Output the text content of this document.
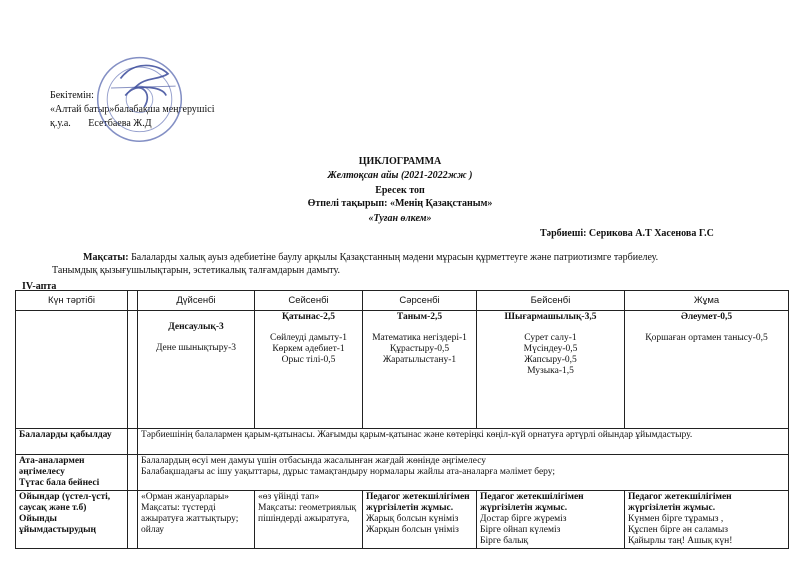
Бекітемін:
«Алтай батыр»балабақша меңгерушісі
қ.у.а.       Есетбаева Ж.Д
ЦИКЛОГРАММА
Желтоқсан айы (2021-2022жж )
Ересек топ
Өтпелі тақырып: «Менің Қазақстаным»
«Туған өлкем»
Тәрбиеші: Серикова А.Т Хасенова Г.С
Мақсаты: Балаларды халық ауыз әдебиетіне баулу арқылы Қазақстанның мәдени мұрасын құрметтеуге және патриотизмге тәрбиелеу.
Танымдық қызығушылықтарын, эстетикалық талғамдарын дамыту.
IV-апта
Күн тәртібі		Дүйсенбі	Сейсенбі	Сәрсенбі	Бейсенбі	Жұма

		Денсаулық-3
Дене шынықтыру-3	Қатынас-2,5
Сөйлеуді дамыту-1
Көркем әдебиет-1
Орыс тілі-0,5	Таным-2,5
Математика негіздері-1
Құрастыру-0,5
Жаратылыстану-1	Шығармашылық-3,5
Сурет салу-1
Мүсіндеу-0,5
Жапсыру-0,5
Музыка-1,5	Әлеумет-0,5
Қоршаған ортамен таныcу-0,5

Балаларды қабылдау		Тәрбиешінің балалармен қарым-қатынасы. Жағымды қарым-қатынас және көтеріңкі көңіл-күй орнатуға әртүрлі ойындар ұйымдастыру.				

Ата-аналармен әңгімелесу
Түтас бала бейнесі		Балалардың өсуі мен дамуы үшін отбасында жасалынған жағдай жөнінде әңгімелесу
Балабақшадағы ас ішу уақыттары, дұрыс тамақтандыру нормалары жайлы ата-аналарға мәлімет беру;				

Ойындар (үстел-үсті, саусақ және т.б)
Ойынды ұйымдастырудың		«Орман жануарлары»
Мақсаты: түстерді ажыратуға жаттықтыру; ойлау	«өз үйінді тап»
Мақсаты: геометриялық пішіндерді ажыратуға,	Педагог жетекшілігімен жүргізілетін жұмыс.
Жарық болсын күніміз
Жарқын болсын үніміз	Педагог жетекшілігімен жүргізілетін жұмыс.
Достар бірге жүреміз
Бірге ойнап күлеміз
Бірге балық	Педагог жетекшілігімен жүргізілетін жұмыс.
Күнмен бірге тұрамыз ,
Құспен бірге ән саламыз
Қайырлы таң! Ашық күн!
